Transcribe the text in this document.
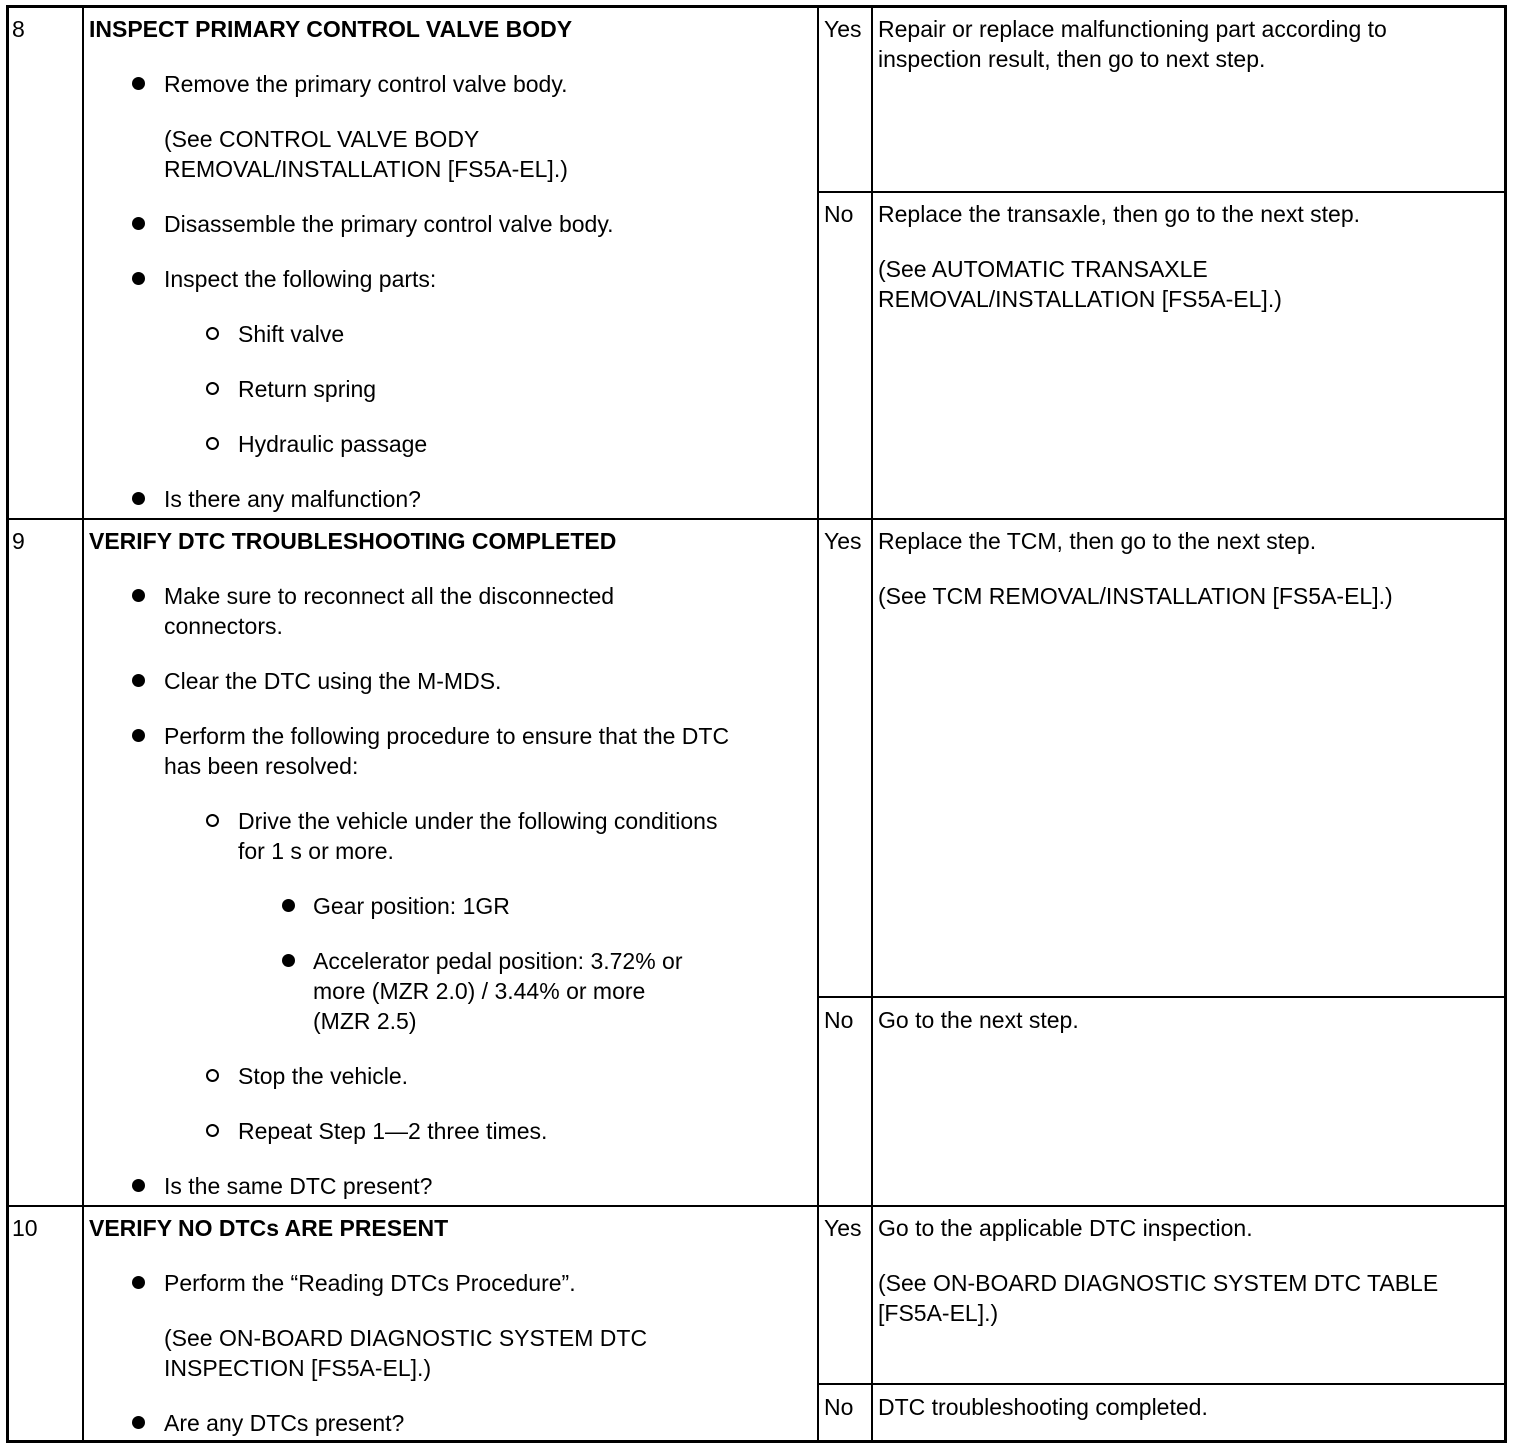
8	INSPECT PRIMARY CONTROL VALVE BODY
Remove the primary control valve body.
(See CONTROL VALVE BODY
REMOVAL/INSTALLATION [FS5A-EL].)
Disassemble the primary control valve body.
Inspect the following parts:
Shift valve
Return spring
Hydraulic passage
Is there any malfunction?
Yes Repair or replace malfunctioning part according to
inspection result, then go to next step.
No Replace the transaxle, then go to the next step.
(See AUTOMATIC TRANSAXLE
REMOVAL/INSTALLATION [FS5A-EL].)
9	VERIFY DTC TROUBLESHOOTING COMPLETED
Make sure to reconnect all the disconnected
connectors.
Clear the DTC using the M-MDS.
Perform the following procedure to ensure that the DTC
has been resolved:
Drive the vehicle under the following conditions
for 1 s or more.
Gear position: 1GR
Accelerator pedal position: 3.72% or
more (MZR 2.0) / 3.44% or more
(MZR 2.5)
Stop the vehicle.
Repeat Step 1—2 three times.
Is the same DTC present?
Yes Replace the TCM, then go to the next step.
(See TCM REMOVAL/INSTALLATION [FS5A-EL].)
No Go to the next step.
10 VERIFY NO DTCs ARE PRESENT
Perform the “Reading DTCs Procedure”.
(See ON-BOARD DIAGNOSTIC SYSTEM DTC
INSPECTION [FS5A-EL].)
Are any DTCs present?
Yes Go to the applicable DTC inspection.
(See ON-BOARD DIAGNOSTIC SYSTEM DTC TABLE
[FS5A-EL].)
No DTC troubleshooting completed.
